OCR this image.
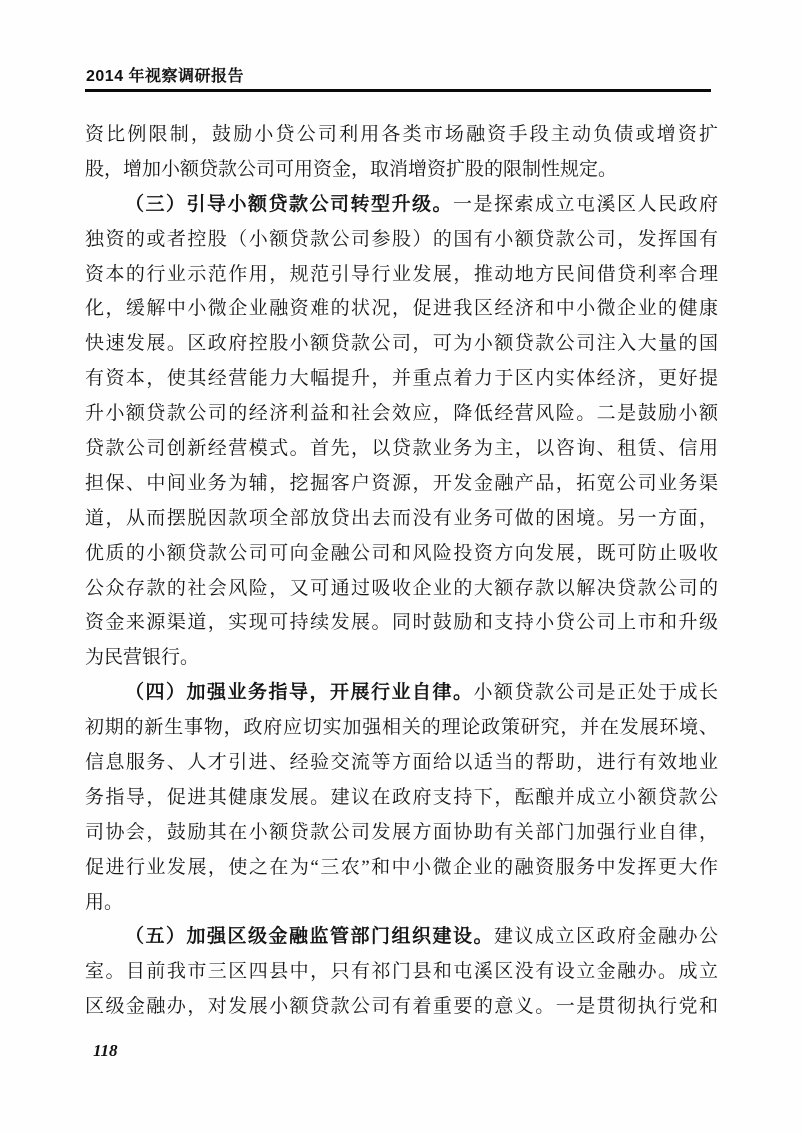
2014 年视察调研报告
资比例限制，鼓励小贷公司利用各类市场融资手段主动负债或增资扩
股，增加小额贷款公司可用资金，取消增资扩股的限制性规定。
（三）引导小额贷款公司转型升级。一是探索成立屯溪区人民政府
独资的或者控股（小额贷款公司参股）的国有小额贷款公司，发挥国有
资本的行业示范作用，规范引导行业发展，推动地方民间借贷利率合理
化，缓解中小微企业融资难的状况，促进我区经济和中小微企业的健康
快速发展。区政府控股小额贷款公司，可为小额贷款公司注入大量的国
有资本，使其经营能力大幅提升，并重点着力于区内实体经济，更好提
升小额贷款公司的经济利益和社会效应，降低经营风险。二是鼓励小额
贷款公司创新经营模式。首先，以贷款业务为主，以咨询、租赁、信用
担保、中间业务为辅，挖掘客户资源，开发金融产品，拓宽公司业务渠
道，从而摆脱因款项全部放贷出去而没有业务可做的困境。另一方面，
优质的小额贷款公司可向金融公司和风险投资方向发展，既可防止吸收
公众存款的社会风险，又可通过吸收企业的大额存款以解决贷款公司的
资金来源渠道，实现可持续发展。同时鼓励和支持小贷公司上市和升级
为民营银行。
（四）加强业务指导，开展行业自律。小额贷款公司是正处于成长
初期的新生事物，政府应切实加强相关的理论政策研究，并在发展环境、
信息服务、人才引进、经验交流等方面给以适当的帮助，进行有效地业
务指导，促进其健康发展。建议在政府支持下，酝酿并成立小额贷款公
司协会，鼓励其在小额贷款公司发展方面协助有关部门加强行业自律，
促进行业发展，使之在为“三农”和中小微企业的融资服务中发挥更大作
用。
（五）加强区级金融监管部门组织建设。建议成立区政府金融办公
室。目前我市三区四县中，只有祁门县和屯溪区没有设立金融办。成立
区级金融办，对发展小额贷款公司有着重要的意义。一是贯彻执行党和
118
